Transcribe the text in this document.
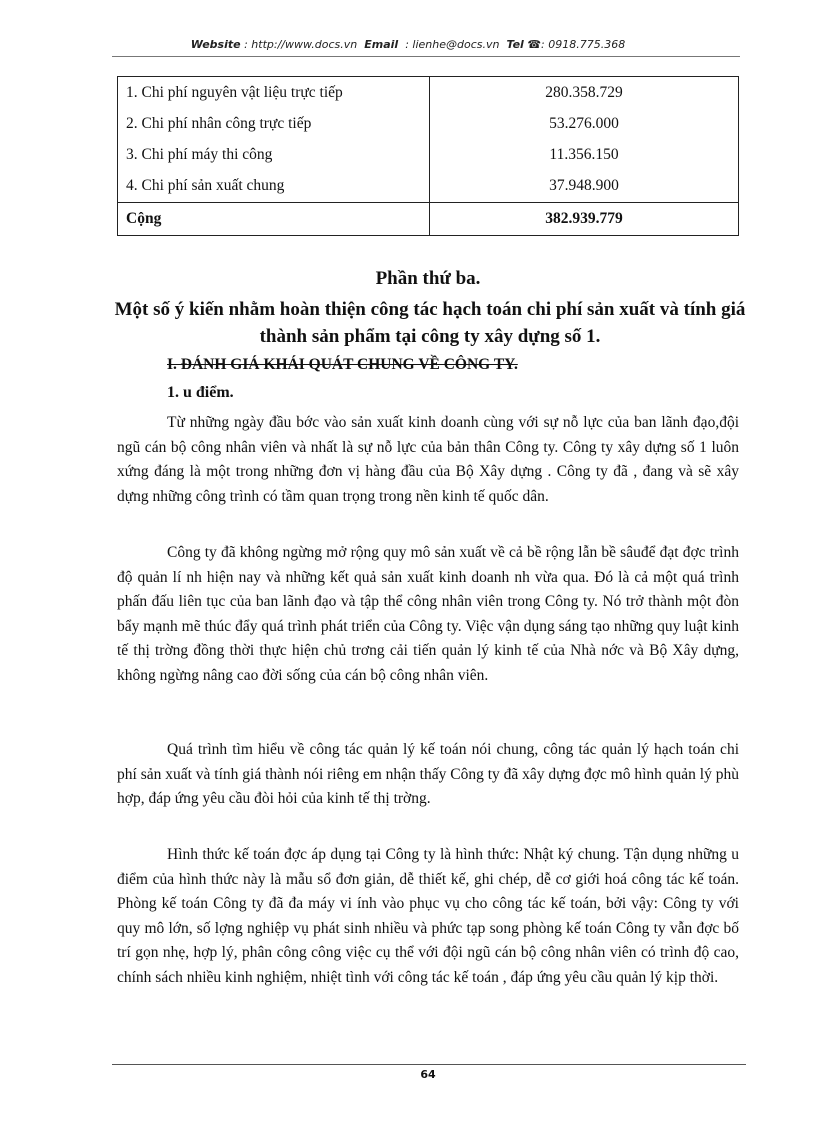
Website : http://www.docs.vn Email : lienhe@docs.vn Tel ☎: 0918.775.368
1. Chi phí nguyên vật liệu trực tiếp	280.358.729
2. Chi phí nhân công trực tiếp	53.276.000
3. Chi phí máy thi công	11.356.150
4. Chi phí sản xuất chung	37.948.900
Cộng	382.939.779
Phần thứ ba.
Một số ý kiến nhằm hoàn thiện công tác hạch toán chi phí sản xuất và tính giá thành sản phẩm tại công ty xây dựng số 1.
I. ĐÁNH GIÁ KHÁI QUÁT CHUNG VỀ CÔNG TY.
1. u điểm.

Từ những ngày đầu bớc vào sản xuất kinh doanh cùng với sự nỗ lực của ban lãnh đạo,đội ngũ cán bộ công nhân viên và nhất là sự nỗ lực của bản thân Công ty. Công ty xây dựng số 1 luôn xứng đáng là một trong những đơn vị hàng đầu của Bộ Xây dựng . Công ty đã , đang và sẽ xây dựng những công trình có tầm quan trọng trong nền kinh tế quốc dân.

Công ty đã không ngừng mở rộng quy mô sản xuất về cả bề rộng lẫn bề sâuđể đạt đợc trình độ quản lí nh hiện nay và những kết quả sản xuất kinh doanh nh vừa qua. Đó là cả một quá trình phấn đấu liên tục của ban lãnh đạo và tập thể công nhân viên trong Công ty. Nó trở thành một đòn bẩy mạnh mẽ thúc đẩy quá trình phát triển của Công ty. Việc vận dụng sáng tạo những quy luật kinh tế thị trờng đồng thời thực hiện chủ trơng cải tiến quản lý kinh tế của Nhà nớc và Bộ Xây dựng, không ngừng nâng cao đời sống của cán bộ công nhân viên.

Quá trình tìm hiểu về công tác quản lý kế toán nói chung, công tác quản lý hạch toán chi phí sản xuất và tính giá thành nói riêng em nhận thấy Công ty đã xây dựng đợc mô hình quản lý phù hợp, đáp ứng yêu cầu đòi hỏi của kinh tế thị trờng.

Hình thức kế toán đợc áp dụng tại Công ty là hình thức: Nhật ký chung. Tận dụng những u điểm của hình thức này là mẫu sổ đơn giản, dễ thiết kế, ghi chép, dễ cơ giới hoá công tác kế toán. Phòng kế toán Công ty đã đa máy vi ính vào phục vụ cho công tác kế toán, bởi vậy: Công ty với quy mô lớn, số lợng nghiệp vụ phát sinh nhiều và phức tạp song phòng kế toán Công ty vẫn đợc bố trí gọn nhẹ, hợp lý, phân công công việc cụ thể với đội ngũ cán bộ công nhân viên có trình độ cao, chính sách nhiều kinh nghiệm, nhiệt tình với công tác kế toán , đáp ứng yêu cầu quản lý kịp thời.

64
